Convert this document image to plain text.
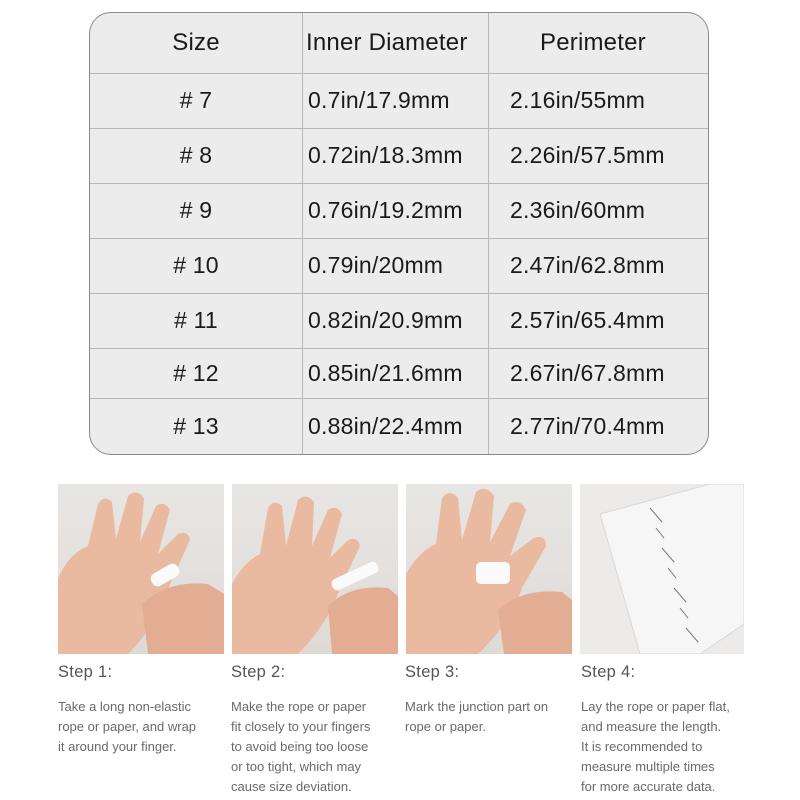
Size	Inner Diameter	Perimeter
# 7	0.7in/17.9mm	2.16in/55mm
# 8	0.72in/18.3mm	2.26in/57.5mm
# 9	0.76in/19.2mm	2.36in/60mm
# 10	0.79in/20mm	2.47in/62.8mm
# 11	0.82in/20.9mm	2.57in/65.4mm
# 12	0.85in/21.6mm	2.67in/67.8mm
# 13	0.88in/22.4mm	2.77in/70.4mm
Step 1:
Take a long non-elastic
rope or paper, and wrap
it around your finger.
Step 2:
Make the rope or paper
fit closely to your fingers
to avoid being too loose
or too tight, which may
cause size deviation.
Step 3:
Mark the junction part on
rope or paper.
Step 4:
Lay the rope or paper flat,
and measure the length.
It is recommended to
measure multiple times
for more accurate data.
